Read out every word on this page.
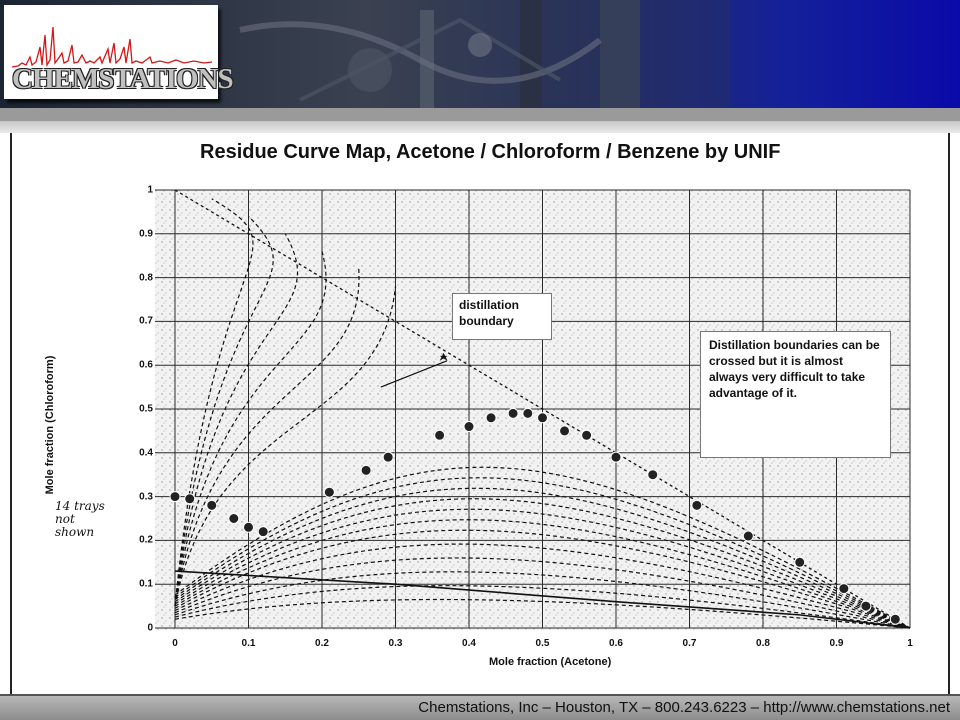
CHEMSTATIONS
Residue Curve Map, Acetone / Chloroform / Benzene by UNIF
0
0.1
0.2
0.3
0.4
0.5
0.6
0.7
0.8
0.9
1
0	0.1	0.2	0.3	0.4	0.5	0.6	0.7	0.8	0.9	1
Mole fraction (Chloroform)
Mole fraction (Acetone)
distillation boundary
Distillation boundaries can be crossed but it is almost always very difficult to take advantage of it.
14 trays not shown
Chemstations, Inc – Houston, TX – 800.243.6223 – http://www.chemstations.net
